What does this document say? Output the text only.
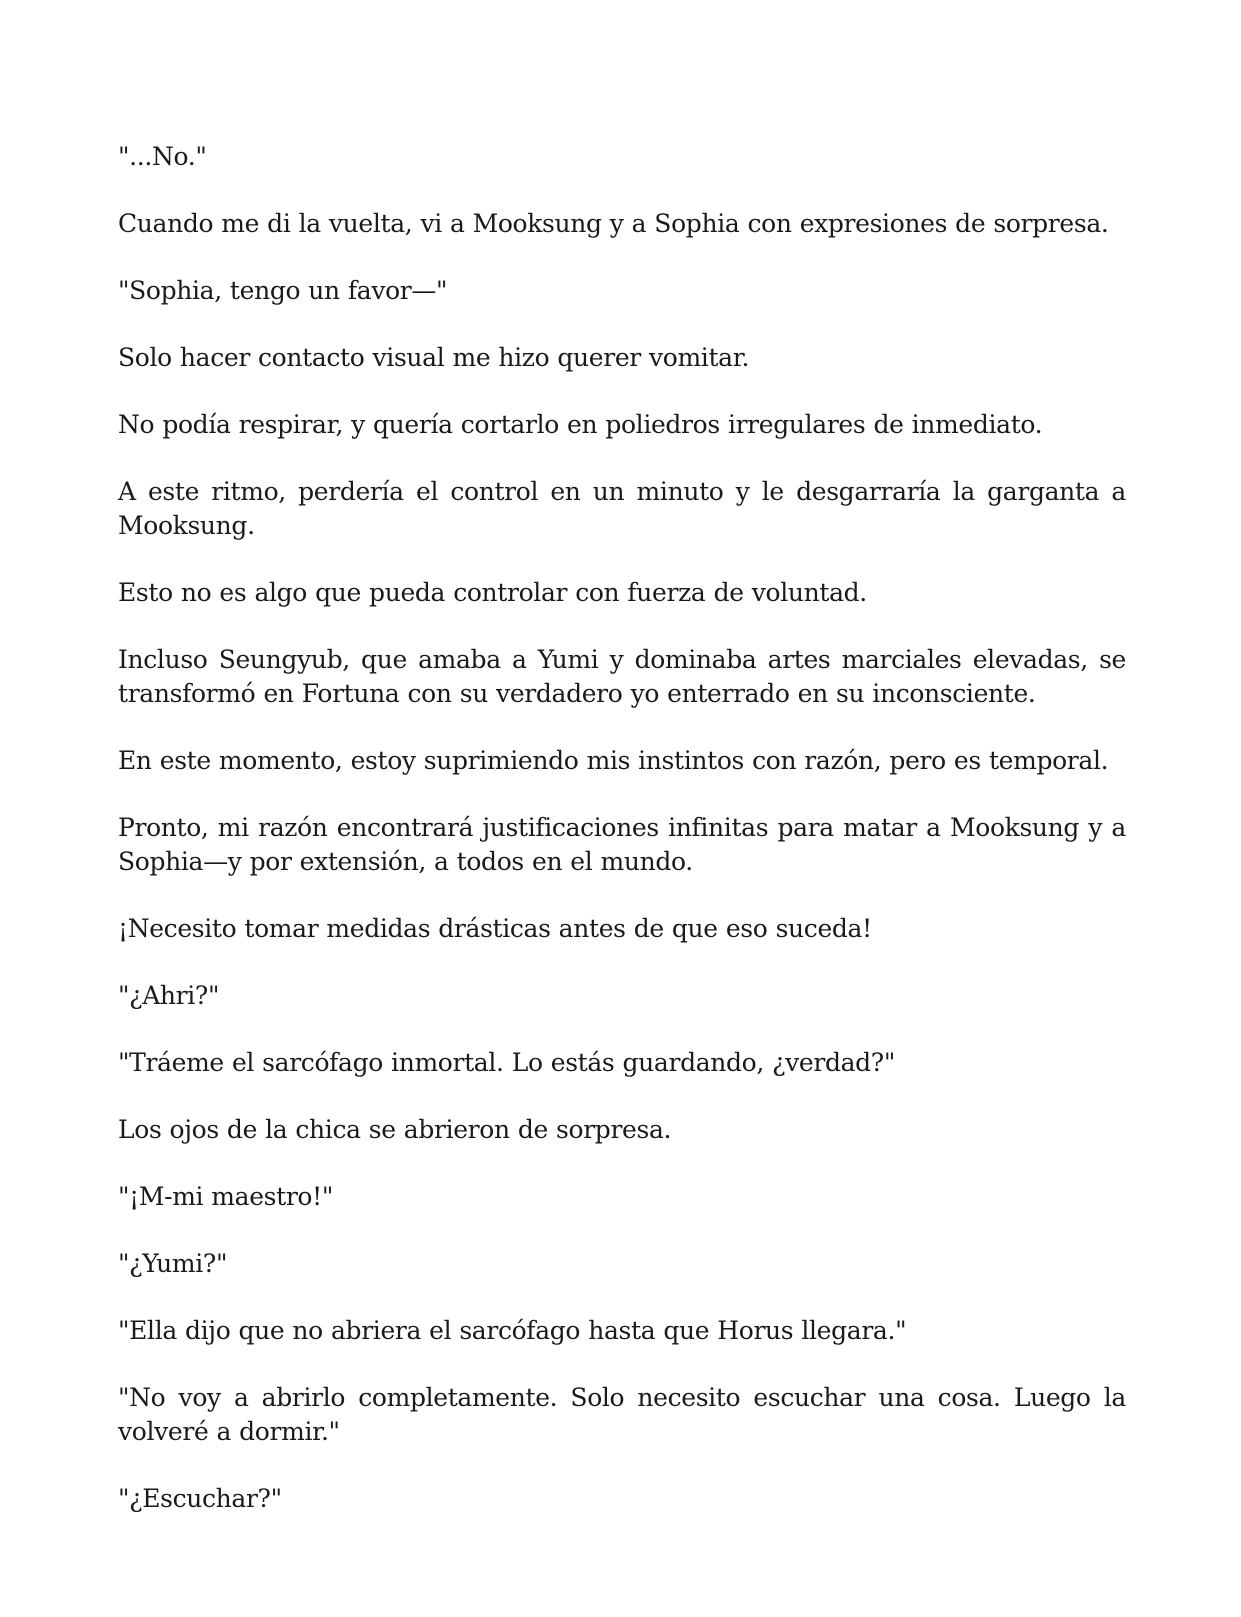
"...No."

Cuando me di la vuelta, vi a Mooksung y a Sophia con expresiones de sorpresa.

"Sophia, tengo un favor—"

Solo hacer contacto visual me hizo querer vomitar.

No podía respirar, y quería cortarlo en poliedros irregulares de inmediato.

A este ritmo, perdería el control en un minuto y le desgarraría la garganta a Mooksung.

Esto no es algo que pueda controlar con fuerza de voluntad.

Incluso Seungyub, que amaba a Yumi y dominaba artes marciales elevadas, se transformó en Fortuna con su verdadero yo enterrado en su inconsciente.

En este momento, estoy suprimiendo mis instintos con razón, pero es temporal.

Pronto, mi razón encontrará justificaciones infinitas para matar a Mooksung y a Sophia—y por extensión, a todos en el mundo.

¡Necesito tomar medidas drásticas antes de que eso suceda!

"¿Ahri?"

"Tráeme el sarcófago inmortal. Lo estás guardando, ¿verdad?"

Los ojos de la chica se abrieron de sorpresa.

"¡M-mi maestro!"

"¿Yumi?"

"Ella dijo que no abriera el sarcófago hasta que Horus llegara."

"No voy a abrirlo completamente. Solo necesito escuchar una cosa. Luego la volveré a dormir."

"¿Escuchar?"
